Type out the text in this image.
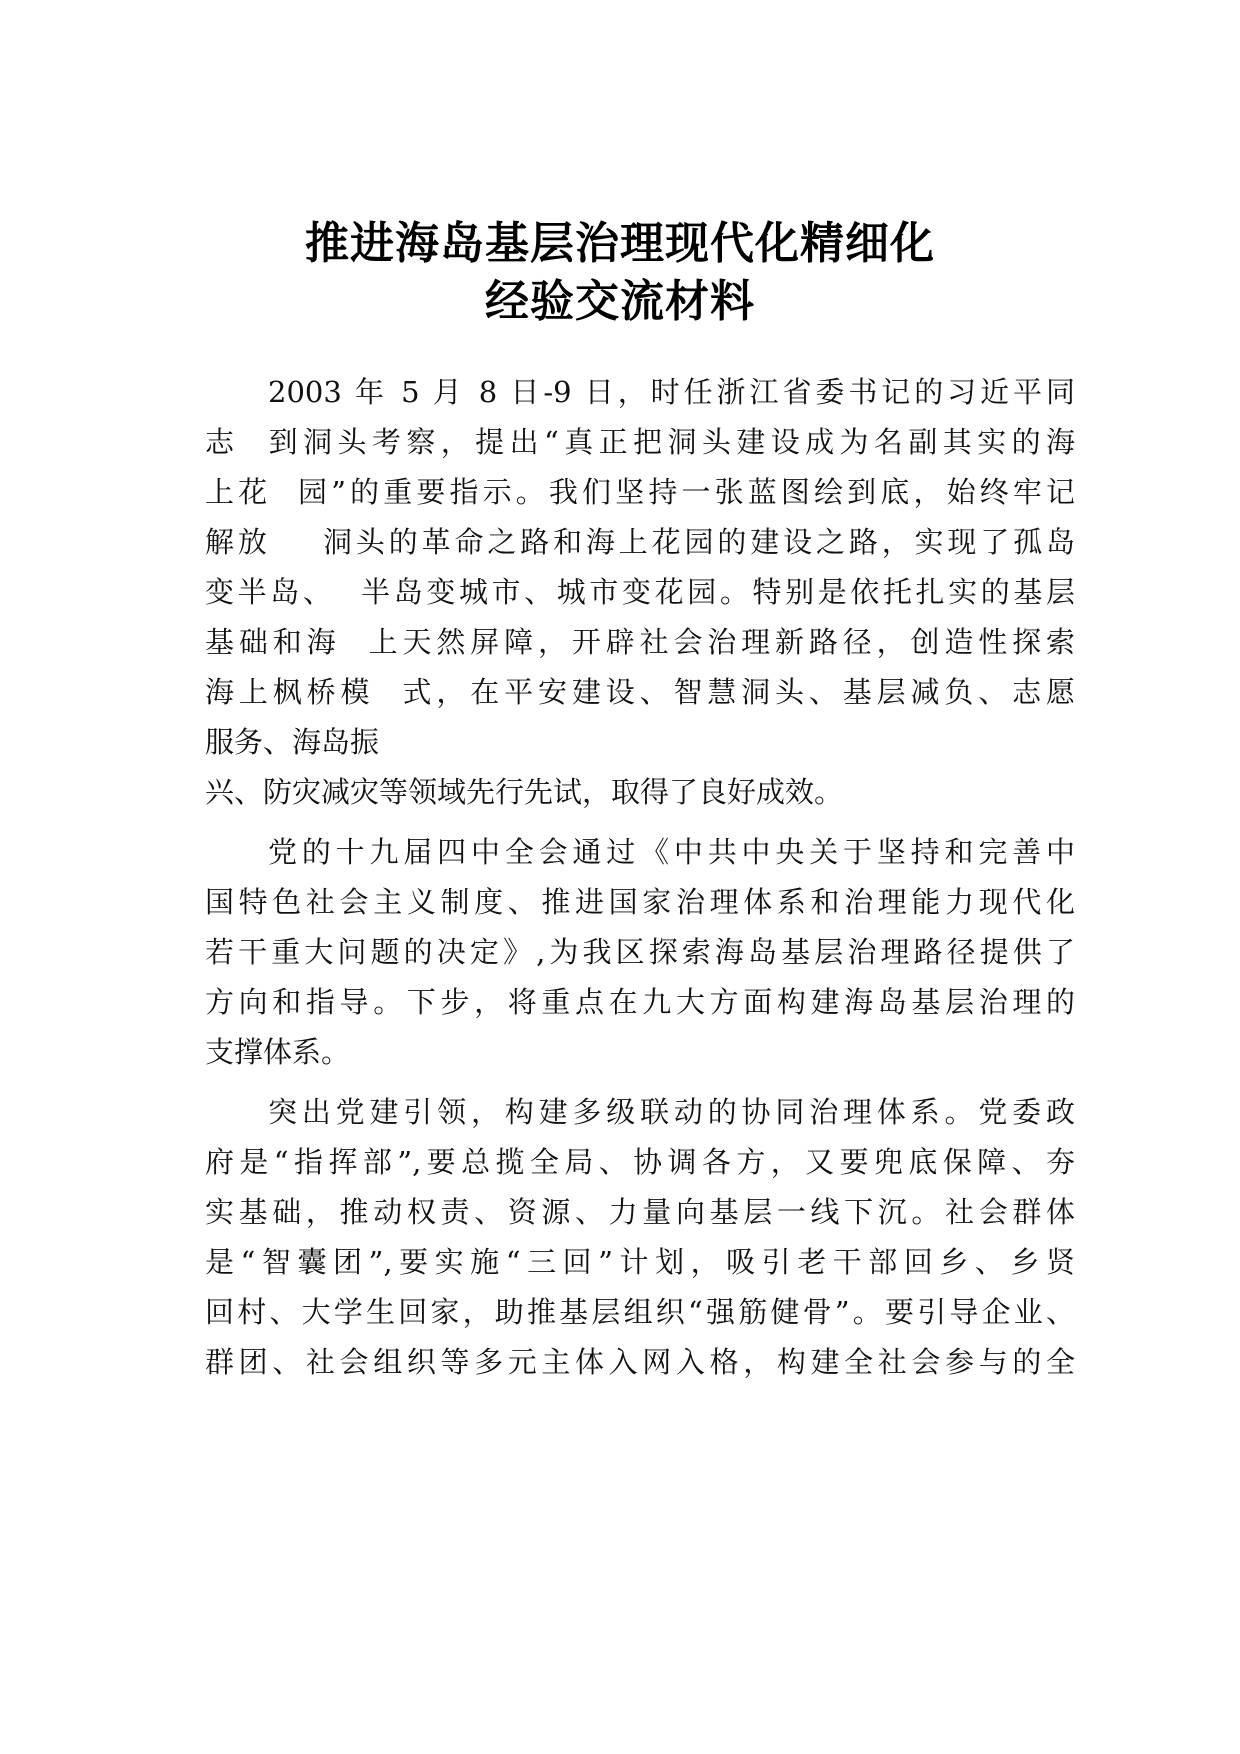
推进海岛基层治理现代化精细化
经验交流材料
2003 年 5 月 8 日-9 日，时任浙江省委书记的习近平同
志  到洞头考察，提出“真正把洞头建设成为名副其实的海
上花  园”的重要指示。我们坚持一张蓝图绘到底，始终牢记
解放    洞头的革命之路和海上花园的建设之路，实现了孤岛
变半岛、  半岛变城市、城市变花园。特别是依托扎实的基层
基础和海  上天然屏障，开辟社会治理新路径，创造性探索
海上枫桥模  式，在平安建设、智慧洞头、基层减负、志愿
服务、海岛振
兴、防灾减灾等领域先行先试，取得了良好成效。
党的十九届四中全会通过《中共中央关于坚持和完善中
国特色社会主义制度、推进国家治理体系和治理能力现代化
若干重大问题的决定》,为我区探索海岛基层治理路径提供了
方向和指导。下步，将重点在九大方面构建海岛基层治理的
支撑体系。
突出党建引领，构建多级联动的协同治理体系。党委政
府是“指挥部”,要总揽全局、协调各方，又要兜底保障、夯
实基础，推动权责、资源、力量向基层一线下沉。社会群体
是“智囊团”,要实施“三回”计划，吸引老干部回乡、乡贤
回村、大学生回家，助推基层组织“强筋健骨”。要引导企业、
群团、社会组织等多元主体入网入格，构建全社会参与的全
